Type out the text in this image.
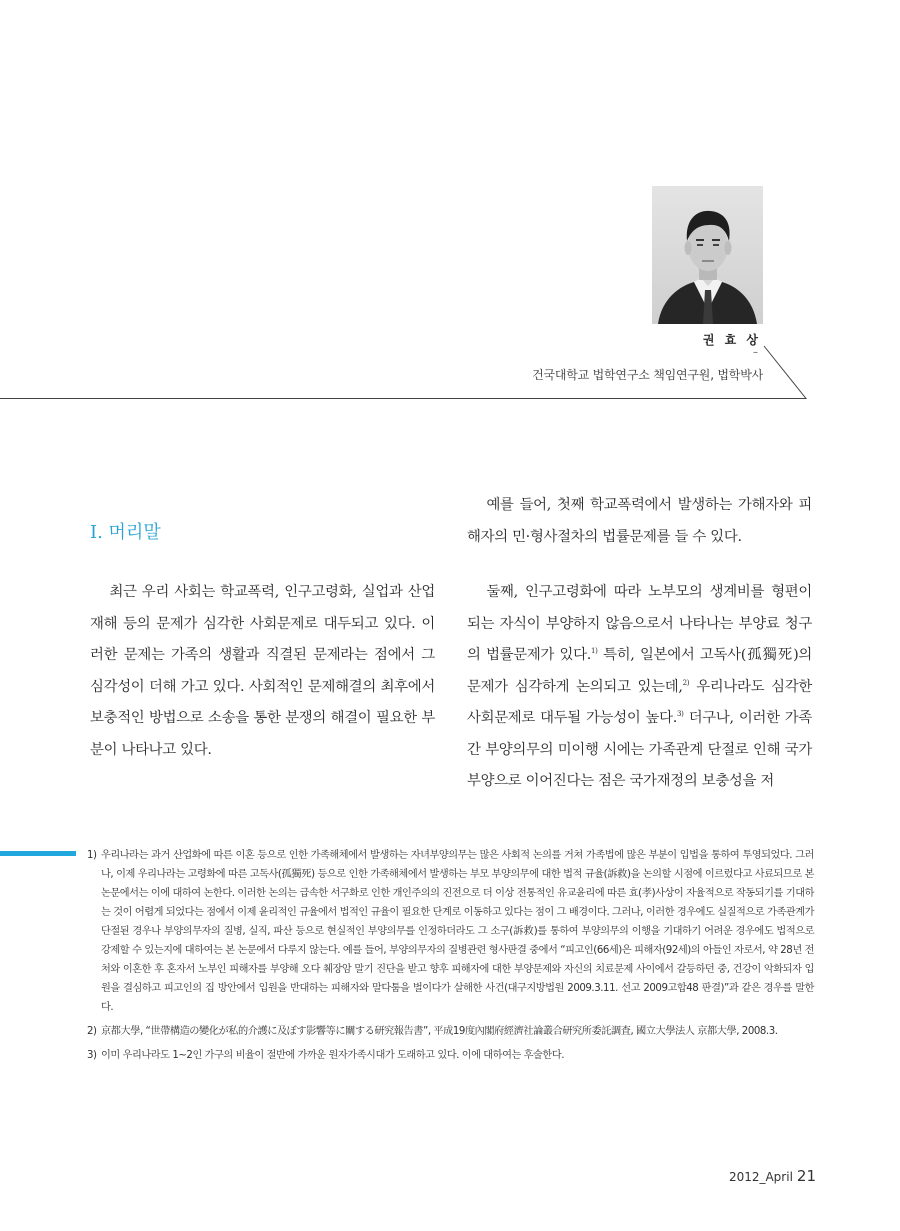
권 효 상
–
건국대학교 법학연구소 책임연구원, 법학박사
Ⅰ. 머리말

최근 우리 사회는 학교폭력, 인구고령화, 실업과 산업재해 등의 문제가 심각한 사회문제로 대두되고 있다. 이러한 문제는 가족의 생활과 직결된 문제라는 점에서 그 심각성이 더해 가고 있다. 사회적인 문제해결의 최후에서 보충적인 방법으로 소송을 통한 분쟁의 해결이 필요한 부분이 나타나고 있다.

예를 들어, 첫째 학교폭력에서 발생하는 가해자와 피해자의 민·형사절차의 법률문제를 들 수 있다.

둘째, 인구고령화에 따라 노부모의 생계비를 형편이 되는 자식이 부양하지 않음으로서 나타나는 부양료 청구의 법률문제가 있다.$^{1)}$ 특히, 일본에서 고독사(孤獨死)의 문제가 심각하게 논의되고 있는데,$^{2)}$ 우리나라도 심각한 사회문제로 대두될 가능성이 높다.$^{3)}$ 더구나, 이러한 가족 간 부양의무의 미이행 시에는 가족관계 단절로 인해 국가부양으로 이어진다는 점은 국가재정의 보충성을 저

1) 우리나라는 과거 산업화에 따른 이혼 등으로 인한 가족해체에서 발생하는 자녀부양의무는 많은 사회적 논의를 거쳐 가족법에 많은 부분이 입법을 통하여 투영되었다. 그러나, 이제 우리나라는 고령화에 따른 고독사(孤獨死) 등으로 인한 가족해체에서 발생하는 부모 부양의무에 대한 법적 규율(訴救)을 논의할 시점에 이르렀다고 사료되므로 본 논문에서는 이에 대하여 논한다. 이러한 논의는 급속한 서구화로 인한 개인주의의 진전으로 더 이상 전통적인 유교윤리에 따른 효(孝)사상이 자율적으로 작동되기를 기대하는 것이 어렵게 되었다는 점에서 이제 윤리적인 규율에서 법적인 규율이 필요한 단계로 이동하고 있다는 점이 그 배경이다. 그러나, 이러한 경우에도 실질적으로 가족관계가 단절된 경우나 부양의무자의 질병, 실직, 파산 등으로 현실적인 부양의무를 인정하더라도 그 소구(訴救)를 통하여 부양의무의 이행을 기대하기 어려운 경우에도 법적으로 강제할 수 있는지에 대하여는 본 논문에서 다루지 않는다. 예를 들어, 부양의무자의 질병관련 형사판결 중에서 “피고인(66세)은 피해자(92세)의 아들인 자로서, 약 28년 전 처와 이혼한 후 혼자서 노부인 피해자를 부양해 오다 췌장암 말기 진단을 받고 향후 피해자에 대한 부양문제와 자신의 치료문제 사이에서 갈등하던 중, 건강이 악화되자 입원을 결심하고 피고인의 집 방안에서 입원을 반대하는 피해자와 말다툼을 벌이다가 살해한 사건(대구지방법원 2009.3.11. 선고 2009고합48 판결)”과 같은 경우를 말한다.

2) 京都大學, “世帶構造の變化が私的介護に及ぼす影響等に關する研究報告書”, 平成19度內閣府經濟社論叢合研究所委託調査, 國立大學法人 京都大學, 2008.3.

3) 이미 우리나라도 1~2인 가구의 비율이 절반에 가까운 원자가족시대가 도래하고 있다. 이에 대하여는 후술한다.

2012_April 21
